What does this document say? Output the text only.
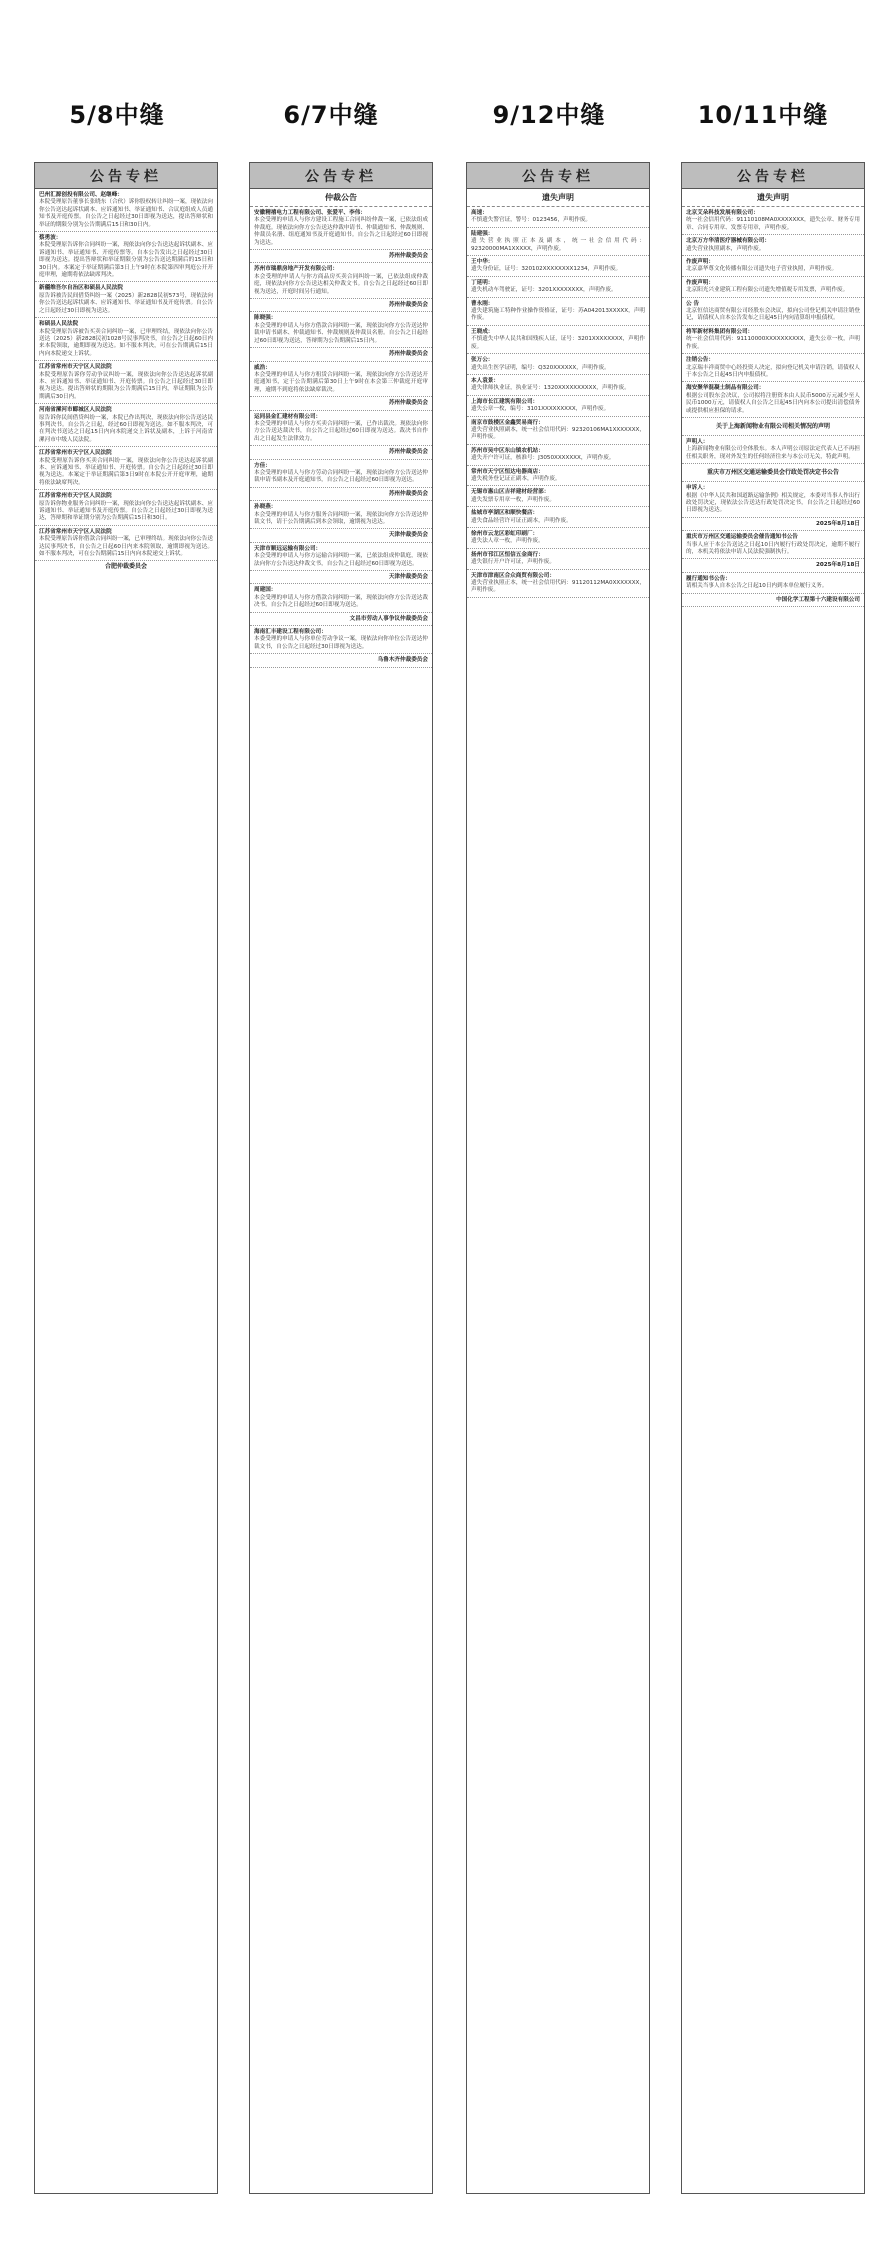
5/8中缝	6/7中缝	9/12中缝	10/11中缝
公告专栏
巴州汇源创投有限公司、赵继峰：
本院受理原告董事长张晓东（合伙）诉你股权转让纠纷一案，现依法向你公告送达起诉状副本、应诉通知书、举证通知书、合议庭组成人员通知书及开庭传票。自公告之日起经过30日即视为送达，提出答辩状和举证的期限分别为公告期满后15日和30日内。
蔡勇波：
本院受理原告诉你合同纠纷一案，现依法向你公告送达起诉状副本、应诉通知书、举证通知书、开庭传票等。自本公告发出之日起经过30日即视为送达。提出答辩状和举证期限分别为公告送达期满后的15日和30日内。本案定于举证期满后第3日上午9时在本院第四审判庭公开开庭审理，逾期将依法缺席判决。
新疆维吾尔自治区和硕县人民法院
原告诉被告民间借贷纠纷一案（2025）新2828民初573号，现依法向你公告送达起诉状副本、应诉通知书、举证通知书及开庭传票。自公告之日起经过30日即视为送达。
和硕县人民法院
本院受理原告诉被告买卖合同纠纷一案，已审理终结，现依法向你公告送达（2025）新2828民初1028号民事判决书，自公告之日起60日内来本院领取，逾期即视为送达。如不服本判决，可在公告期满后15日内向本院递交上诉状。
江苏省常州市天宁区人民法院
本院受理原告诉你劳动争议纠纷一案，现依法向你公告送达起诉状副本、应诉通知书、举证通知书、开庭传票。自公告之日起经过30日即视为送达。提出答辩状的期限为公告期满后15日内，举证期限为公告期满后30日内。
河南省漯河市郾城区人民法院
原告诉你民间借贷纠纷一案，本院已作出判决，现依法向你公告送达民事判决书。自公告之日起，经过60日即视为送达。如不服本判决，可在判决书送达之日起15日内向本院递交上诉状及副本，上诉于河南省漯河市中级人民法院。
江苏省常州市天宁区人民法院
本院受理原告诉你买卖合同纠纷一案，现依法向你公告送达起诉状副本、应诉通知书、举证通知书、开庭传票。自公告之日起经过30日即视为送达。本案定于举证期满后第3日9时在本院公开开庭审理，逾期将依法缺席判决。
江苏省常州市天宁区人民法院
原告诉你物业服务合同纠纷一案，现依法向你公告送达起诉状副本、应诉通知书、举证通知书及开庭传票。自公告之日起经过30日即视为送达，答辩期和举证期分别为公告期满后15日和30日。
江苏省常州市天宁区人民法院
本院受理原告诉你借款合同纠纷一案，已审理终结。现依法向你公告送达民事判决书，自公告之日起60日内来本院领取，逾期即视为送达。如不服本判决，可在公告期满后15日内向本院递交上诉状。
合肥仲裁委员会
公告专栏
仲裁公告
安徽精禧电力工程有限公司、张爱平、李伟：
本会受理的申请人与你方建设工程施工合同纠纷仲裁一案，已依法组成仲裁庭。现依法向你方公告送达仲裁申请书、仲裁通知书、仲裁规则、仲裁员名册、组庭通知书及开庭通知书。自公告之日起经过60日即视为送达。
苏州仲裁委员会
苏州市瑞鼎房地产开发有限公司：
本会受理的申请人与你方商品房买卖合同纠纷一案，已依法组成仲裁庭，现依法向你方公告送达相关仲裁文书。自公告之日起经过60日即视为送达，开庭时间另行通知。
苏州仲裁委员会
陈晓强：
本会受理的申请人与你方借款合同纠纷一案，现依法向你方公告送达仲裁申请书副本、仲裁通知书、仲裁规则及仲裁员名册。自公告之日起经过60日即视为送达，答辩期为公告期满后15日内。
苏州仲裁委员会
威浩：
本会受理的申请人与你方租赁合同纠纷一案，现依法向你方公告送达开庭通知书，定于公告期满后第30日上午9时在本会第三仲裁庭开庭审理，逾期不到庭将依法缺席裁决。
苏州仲裁委员会
运同县金汇建材有限公司：
本会受理的申请人与你方买卖合同纠纷一案，已作出裁决。现依法向你方公告送达裁决书，自公告之日起经过60日即视为送达。裁决书自作出之日起发生法律效力。
苏州仲裁委员会
方佳：
本会受理的申请人与你方劳动合同纠纷一案，现依法向你方公告送达仲裁申请书副本及开庭通知书，自公告之日起经过60日即视为送达。
苏州仲裁委员会
孙晓燕：
本会受理的申请人与你方服务合同纠纷一案，现依法向你方公告送达仲裁文书，请于公告期满后到本会领取，逾期视为送达。
天津仲裁委员会
天津市顺远运输有限公司：
本会受理的申请人与你方运输合同纠纷一案，已依法组成仲裁庭，现依法向你方公告送达仲裁文书，自公告之日起经过60日即视为送达。
天津仲裁委员会
周建国：
本会受理的申请人与你方借款合同纠纷一案，现依法向你方公告送达裁决书。自公告之日起经过60日即视为送达。
文昌市劳动人事争议仲裁委员会
海南汇丰建设工程有限公司：
本委受理的申请人与你单位劳动争议一案，现依法向你单位公告送达仲裁文书，自公告之日起经过30日即视为送达。
乌鲁木齐仲裁委员会
公告专栏
遗失声明
高速：
不慎遗失警官证，警号：0123456，声明作废。
陆建强：
遗失营业执照正本及副本，统一社会信用代码：92320000MA1XXXXX，声明作废。
王中华：
遗失身份证，证号：320102XXXXXXXX1234，声明作废。
丁延明：
遗失机动车驾驶证，证号：3201XXXXXXXX，声明作废。
曹永刚：
遗失建筑施工特种作业操作资格证，证号：苏A042013XXXXX，声明作废。
王晓成：
不慎遗失中华人民共和国残疾人证，证号：3201XXXXXXXX，声明作废。
张万公：
遗失出生医学证明，编号：Q320XXXXXX，声明作废。
本人袁景：
遗失律师执业证，执业证号：1320XXXXXXXXXX，声明作废。
上海市长江建筑有限公司：
遗失公章一枚，编号：3101XXXXXXXXX，声明作废。
南京市鼓楼区金鑫贸易商行：
遗失营业执照副本，统一社会信用代码：92320106MA1XXXXXXX，声明作废。
苏州市吴中区东山镇农机站：
遗失开户许可证，核准号：J3050XXXXXXX，声明作废。
常州市天宁区恒达电器商店：
遗失税务登记证正副本，声明作废。
无锡市惠山区吉祥建材经营部：
遗失发票专用章一枚，声明作废。
盐城市亭湖区和顺快餐店：
遗失食品经营许可证正副本，声明作废。
徐州市云龙区彩虹印刷厂：
遗失法人章一枚，声明作废。
扬州市邗江区恒信五金商行：
遗失银行开户许可证，声明作废。
天津市津南区合众商贸有限公司：
遗失营业执照正本，统一社会信用代码：91120112MA0XXXXXXX，声明作废。
公告专栏
遗失声明
北京艾朵科技发展有限公司：
统一社会信用代码：91110108MA0XXXXXXX，遗失公章、财务专用章、合同专用章、发票专用章，声明作废。
北京万方华清医疗器械有限公司：
遗失营业执照副本，声明作废。
作废声明：
北京嘉华尊文化传播有限公司遗失电子营业执照，声明作废。
作废声明：
北京阳光兴业建筑工程有限公司遗失增值税专用发票，声明作废。
公 告
北京恒信达商贸有限公司经股东会决议，拟向公司登记机关申请注销登记，请债权人自本公告发布之日起45日内向清算组申报债权。
将军新材料集团有限公司：
统一社会信用代码：91110000XXXXXXXXXX，遗失公章一枚，声明作废。
注销公告：
北京瑞丰祥商贸中心经投资人决定，拟向登记机关申请注销，请债权人于本公告之日起45日内申报债权。
海安聚华混凝土制品有限公司：
根据公司股东会决议，公司拟将注册资本由人民币5000万元减少至人民币1000万元，请债权人自公告之日起45日内向本公司提出清偿债务或提供相应担保的请求。
关于上海新闻物业有限公司相关情况的声明
声明人：
上海新闻物业有限公司全体股东。本人声明公司原法定代表人已不再担任相关职务，现对外发生的任何经济往来与本公司无关，特此声明。
重庆市万州区交通运输委员会行政处罚决定书公告
申诉人：
根据《中华人民共和国道路运输条例》相关规定，本委对当事人作出行政处罚决定，现依法公告送达行政处罚决定书，自公告之日起经过60日即视为送达。
2025年8月18日
重庆市万州区交通运输委员会催告通知书公告
当事人应于本公告送达之日起10日内履行行政处罚决定，逾期不履行的，本机关将依法申请人民法院强制执行。
2025年8月18日
履行通知书公告：
请相关当事人自本公告之日起10日内到本单位履行义务。
中国化学工程第十六建设有限公司
